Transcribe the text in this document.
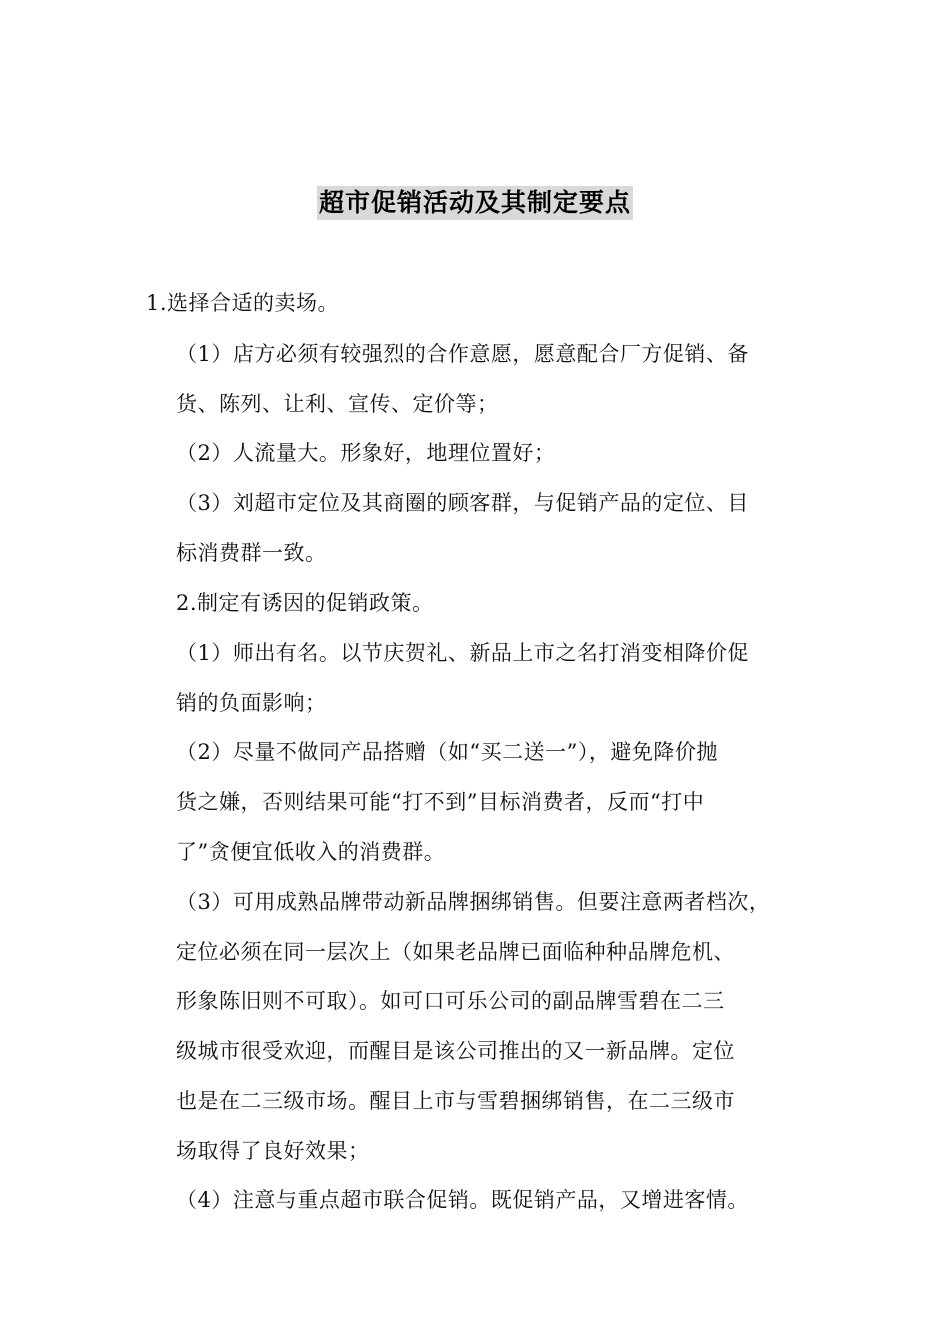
超市促销活动及其制定要点
1.选择合适的卖场。
（1）店方必须有较强烈的合作意愿，愿意配合厂方促销、备
货、陈列、让利、宣传、定价等；
（2）人流量大。形象好，地理位置好；
（3）刘超市定位及其商圈的顾客群，与促销产品的定位、目
标消费群一致。
2.制定有诱因的促销政策。
（1）师出有名。以节庆贺礼、新品上市之名打消变相降价促
销的负面影响；
（2）尽量不做同产品搭赠（如“买二送一”），避免降价抛
货之嫌，否则结果可能“打不到”目标消费者，反而“打中
了”贪便宜低收入的消费群。
（3）可用成熟品牌带动新品牌捆绑销售。但要注意两者档次，
定位必须在同一层次上（如果老品牌已面临种种品牌危机、
形象陈旧则不可取）。如可口可乐公司的副品牌雪碧在二三
级城市很受欢迎，而醒目是该公司推出的又一新品牌。定位
也是在二三级市场。醒目上市与雪碧捆绑销售，在二三级市
场取得了良好效果；
（4）注意与重点超市联合促销。既促销产品，又增进客情。
